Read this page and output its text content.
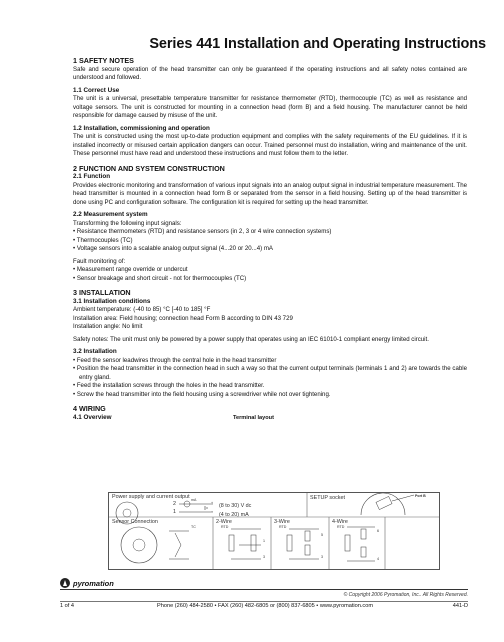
Series 441 Installation and Operating Instructions
1 SAFETY NOTES

Safe and secure operation of the head transmitter can only be guaranteed if the operating instructions and all safety notes contained are understood and followed.

1.1 Correct Use

The unit is a universal, presettable temperature transmitter for resistance thermometer (RTD), thermocouple (TC) as well as resistance and voltage sensors. The unit is constructed for mounting in a connection head (form B) and a field housing. The manufacturer cannot be held responsible for damage caused by misuse of the unit.

1.2 Installation, commissioning and operation

The unit is constructed using the most up-to-date production equipment and complies with the safety requirements of the EU guidelines. If it is installed incorrectly or misused certain application dangers can occur. Trained personnel must do installation, wiring and maintenance of the unit. These personnel must have read and understood these instructions and must follow them to the letter.

2 FUNCTION AND SYSTEM CONSTRUCTION
2.1 Function

Provides electronic monitoring and transformation of various input signals into an analog output signal in industrial temperature measurement. The head transmitter is mounted in a connection head form B or separated from the sensor in a field housing. Setting up of the head transmitter is done using PC and configuration software. The configuration kit is required for setting up the head transmitter.

2.2 Measurement system

Transforming the following input signals:

• Resistance thermometers (RTD) and resistance sensors (in 2, 3 or 4 wire connection systems)

• Thermocouples (TC)

• Voltage sensors into a scalable analog output signal (4...20 or 20...4) mA

Fault monitoring of:

• Measurement range override or undercut

• Sensor breakage and short circuit - not for thermocouples (TC)

3 INSTALLATION
3.1 Installation conditions

Ambient temperature: (-40 to 85) °C [-40 to 185] °F

Installation area: Field housing; connection head Form B according to DIN 43 729

Installation angle: No limit

Safety notes: The unit must only be powered by a power supply that operates using an IEC 61010-1 compliant energy limited circuit.

3.2 Installation

• Feed the sensor leadwires through the central hole in the head transmitter

• Position the head transmitter in the connection head in such a way so that the current output terminals (terminals 1 and 2) are towards the cable entry gland.

• Feed the installation screws through the holes in the head transmitter.

• Screw the head transmitter into the field housing using a screwdriver while not over tightening.

4 WIRING
4.1 Overview	Terminal layout
Power supply and current output	SETUP socket
Sensor Connection
(8 to 30) V dc
(4 to 20) mA
mA
2
1
+
−
Port B
2-Wire
RTD
3-Wire
RTD
4-Wire
RTD
TC
1
3
5
3
6
4
pyromation
© Copyright 2006 Pyromation, Inc.. All Rights Reserved.
1 of 4	Phone (260) 484-2580 • FAX (260) 482-6805 or (800) 837-6805 • www.pyromation.com	441-D
